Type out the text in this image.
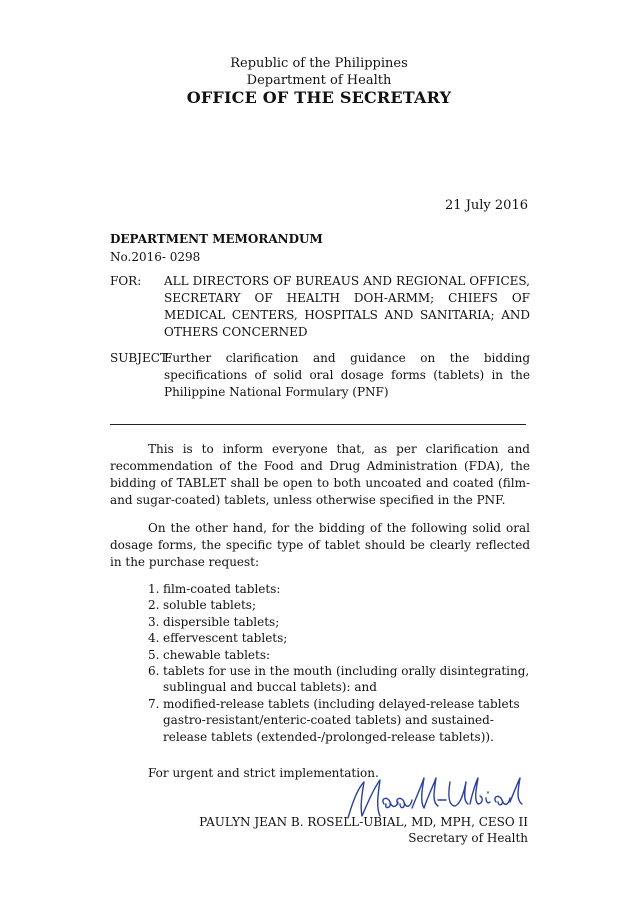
Republic of the Philippines
Department of Health
OFFICE OF THE SECRETARY
21 July 2016
DEPARTMENT MEMORANDUM
No.2016- 0298
FOR: ALL DIRECTORS OF BUREAUS AND REGIONAL OFFICES, SECRETARY OF HEALTH DOH-ARMM; CHIEFS OF MEDICAL CENTERS, HOSPITALS AND SANITARIA; AND OTHERS CONCERNED
SUBJECT:
Further clarification and guidance on the bidding specifications of solid oral dosage forms (tablets) in the Philippine National Formulary (PNF)

This is to inform everyone that, as per clarification and recommendation of the Food and Drug Administration (FDA), the bidding of TABLET shall be open to both uncoated and coated (film- and sugar-coated) tablets, unless otherwise specified in the PNF.

On the other hand, for the bidding of the following solid oral dosage forms, the specific type of tablet should be clearly reflected in the purchase request:

1. film-coated tablets:
2. soluble tablets;
3. dispersible tablets;
4. effervescent tablets;
5. chewable tablets:
6. tablets for use in the mouth (including orally disintegrating, sublingual and buccal tablets): and
7. modified-release tablets (including delayed-release tablets gastro-resistant/enteric-coated tablets) and sustained-release tablets (extended-/prolonged-release tablets)).
For urgent and strict implementation.
PAULYN JEAN B. ROSELL-UBIAL, MD, MPH, CESO II
Secretary of Health
